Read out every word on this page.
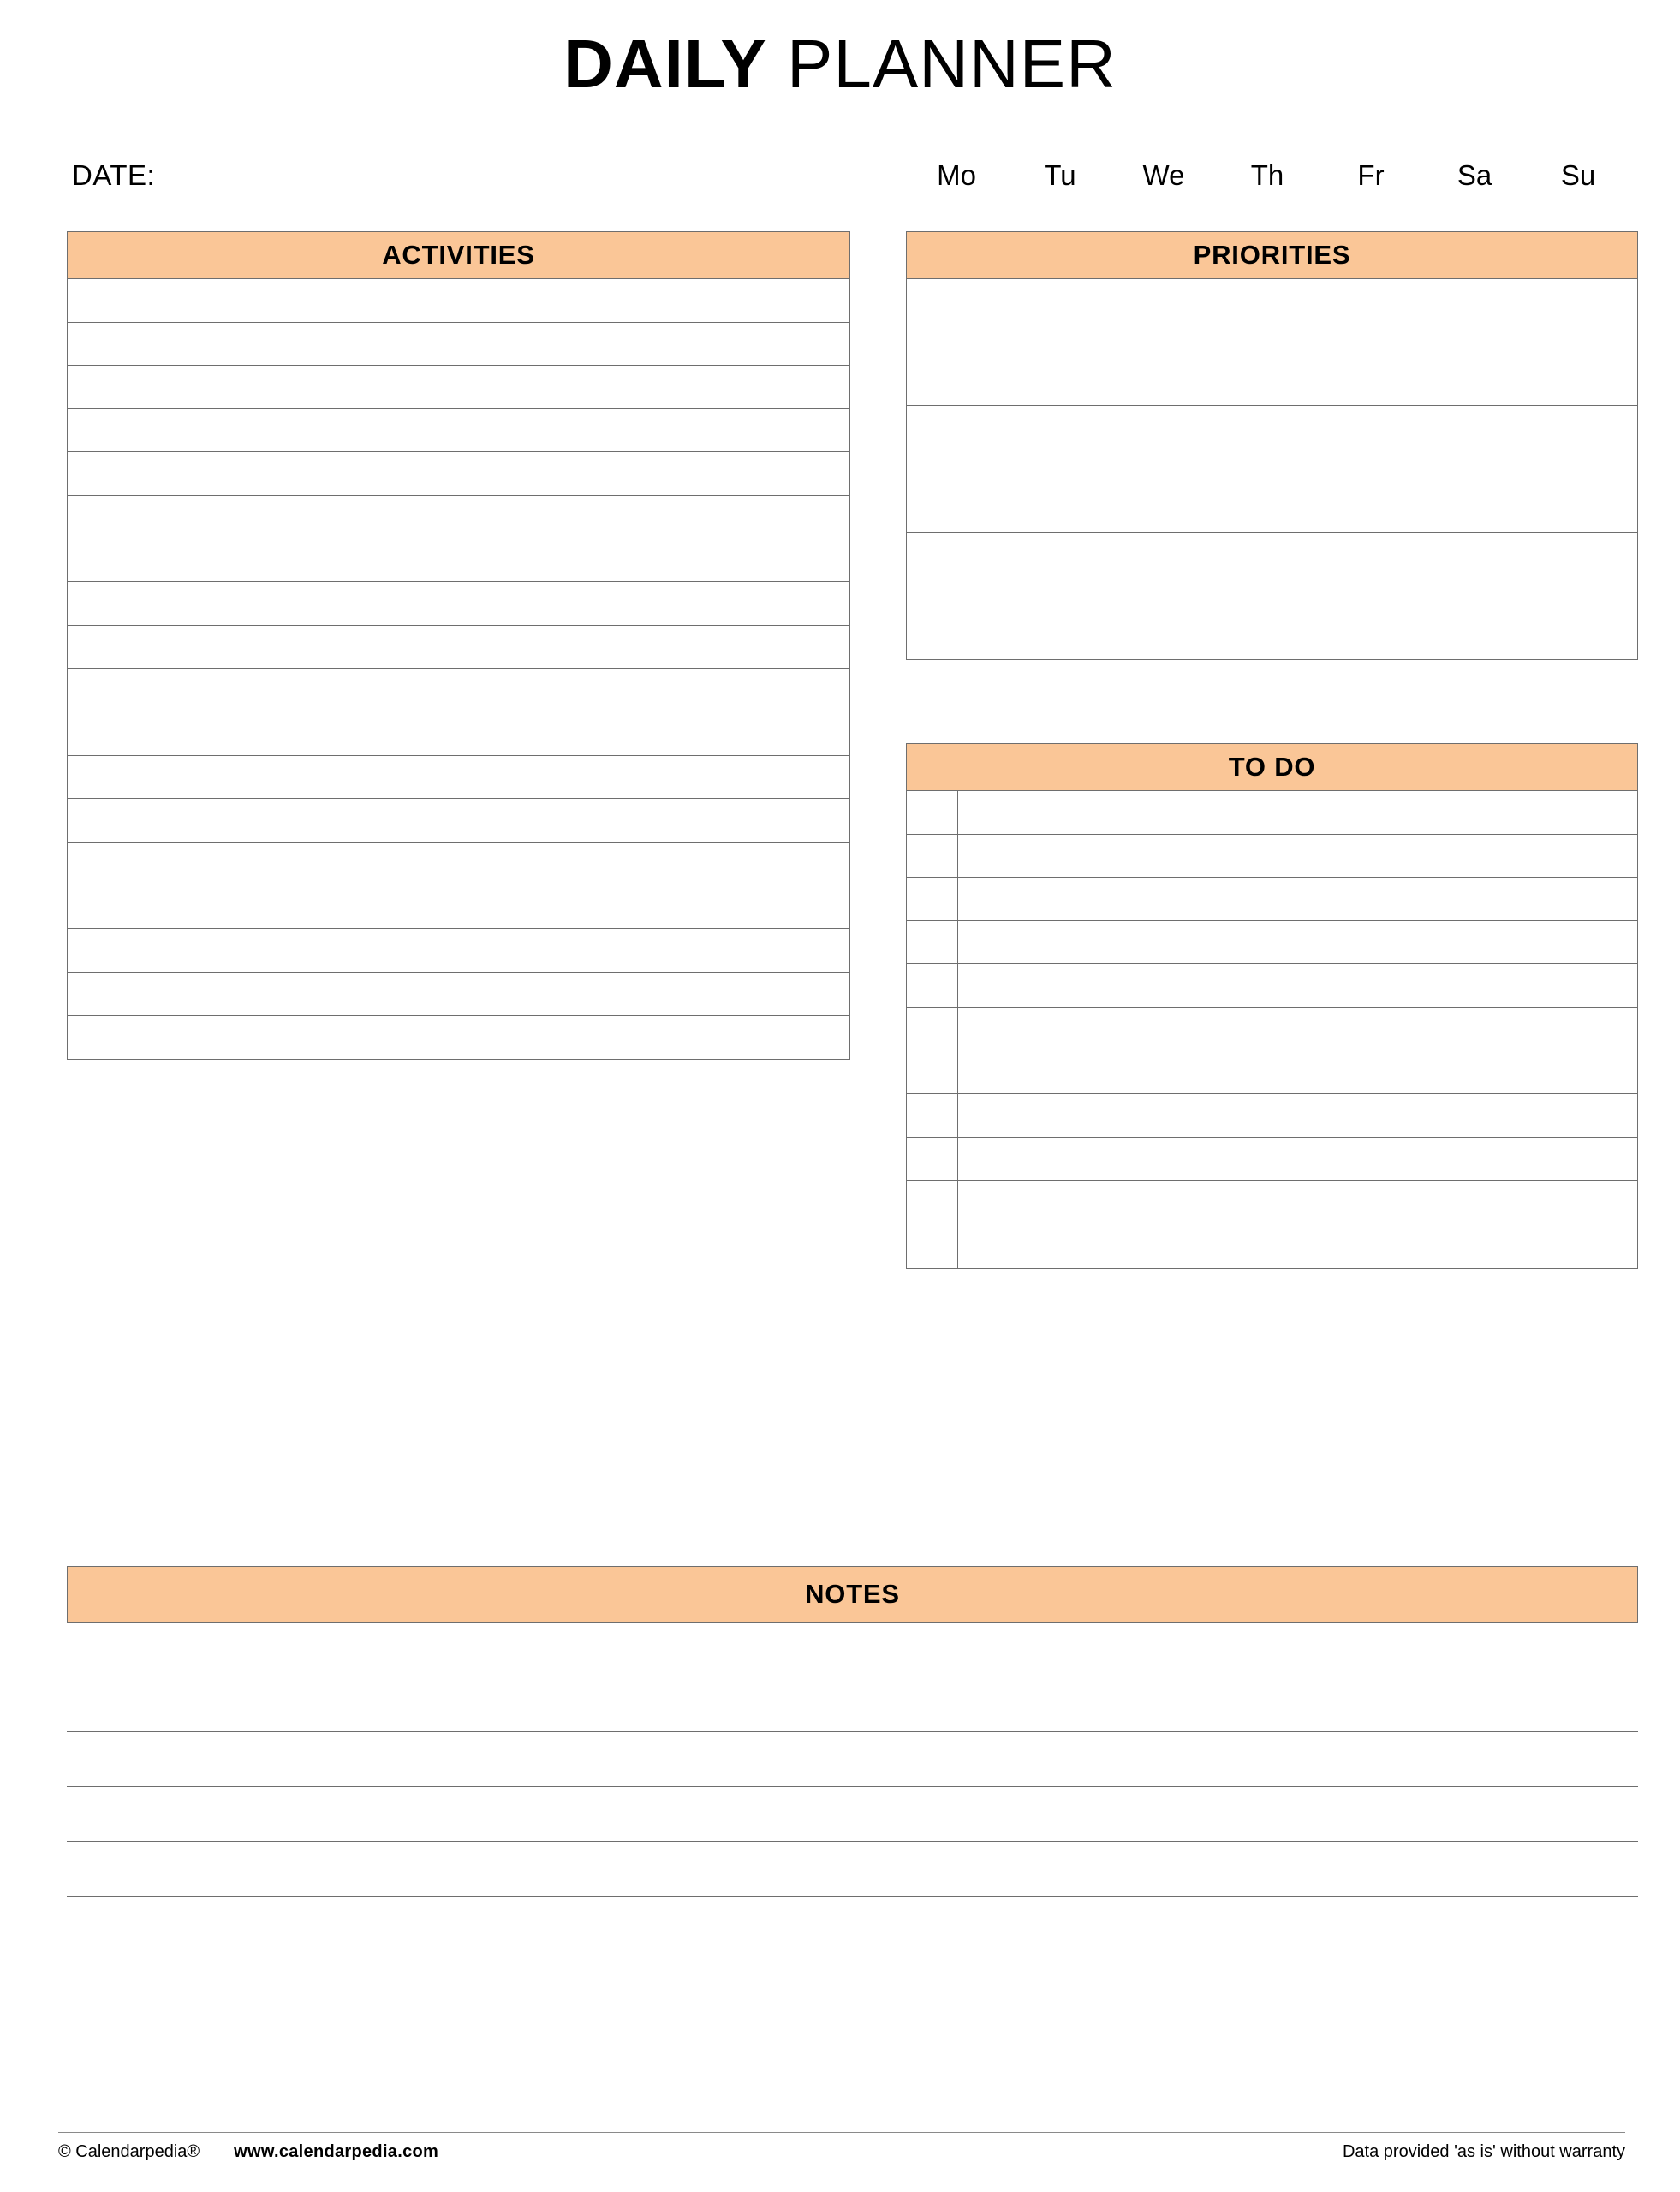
DAILY PLANNER
DATE:	Mo	Tu	We	Th	Fr	Sa	Su
ACTIVITIES	PRIORITIES
TO DO
NOTES
© Calendarpedia® www.calendarpedia.com	Data provided 'as is' without warranty
